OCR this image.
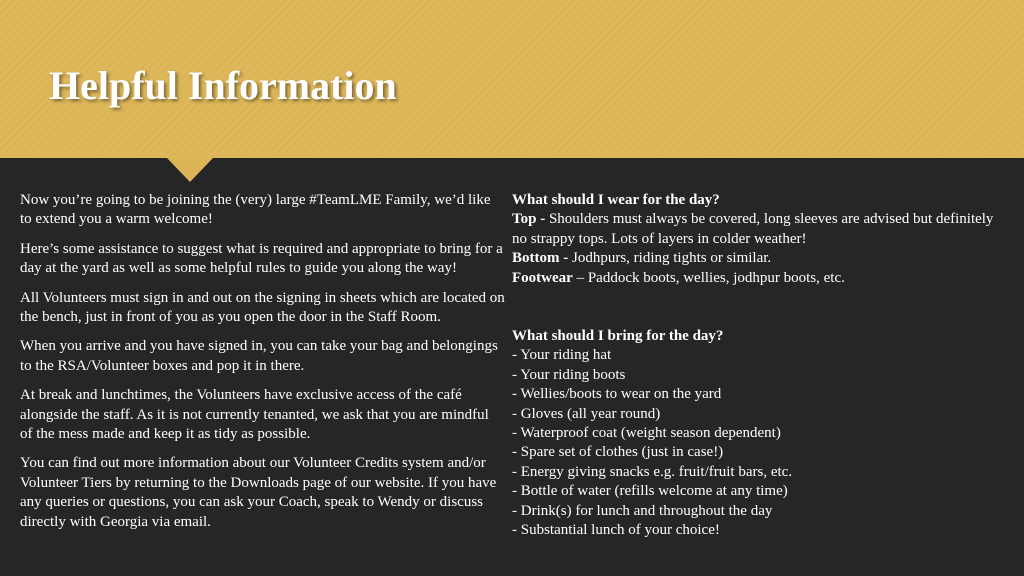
Helpful Information

Now you’re going to be joining the (very) large #TeamLME Family, we’d like to extend you a warm welcome!

Here’s some assistance to suggest what is required and appropriate to bring for a day at the yard as well as some helpful rules to guide you along the way!

All Volunteers must sign in and out on the signing in sheets which are located on the bench, just in front of you as you open the door in the Staff Room.

When you arrive and you have signed in, you can take your bag and belongings to the RSA/Volunteer boxes and pop it in there.

At break and lunchtimes, the Volunteers have exclusive access of the café alongside the staff. As it is not currently tenanted, we ask that you are mindful of the mess made and keep it as tidy as possible.

You can find out more information about our Volunteer Credits system and/or Volunteer Tiers by returning to the Downloads page of our website. If you have any queries or questions, you can ask your Coach, speak to Wendy or discuss directly with Georgia via email.

What should I wear for the day?
Top - Shoulders must always be covered, long sleeves are advised but definitely no strappy tops. Lots of layers in colder weather!
Bottom - Jodhpurs, riding tights or similar.
Footwear – Paddock boots, wellies, jodhpur boots, etc.
What should I bring for the day?
- Your riding hat
- Your riding boots
- Wellies/boots to wear on the yard
- Gloves (all year round)
- Waterproof coat (weight season dependent)
- Spare set of clothes (just in case!)
- Energy giving snacks e.g. fruit/fruit bars, etc.
- Bottle of water (refills welcome at any time)
- Drink(s) for lunch and throughout the day
- Substantial lunch of your choice!
